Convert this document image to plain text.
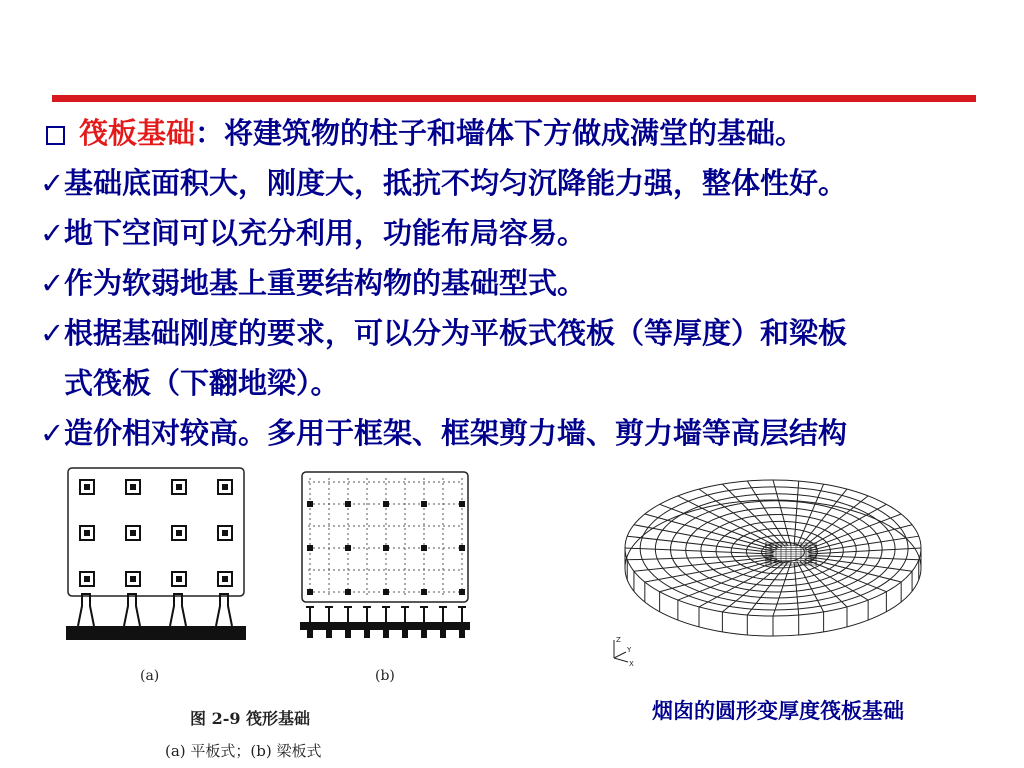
筏板基础：将建筑物的柱子和墙体下方做成满堂的基础。
✓基础底面积大，刚度大，抵抗不均匀沉降能力强，整体性好。
✓地下空间可以充分利用，功能布局容易。
✓作为软弱地基上重要结构物的基础型式。
✓根据基础刚度的要求，可以分为平板式筏板（等厚度）和梁板
式筏板（下翻地梁）。
✓造价相对较高。多用于框架、框架剪力墙、剪力墙等高层结构
(a)	(b)
图 2-9 筏形基础
(a) 平板式；(b) 梁板式
Z
Y
X
烟囱的圆形变厚度筏板基础
